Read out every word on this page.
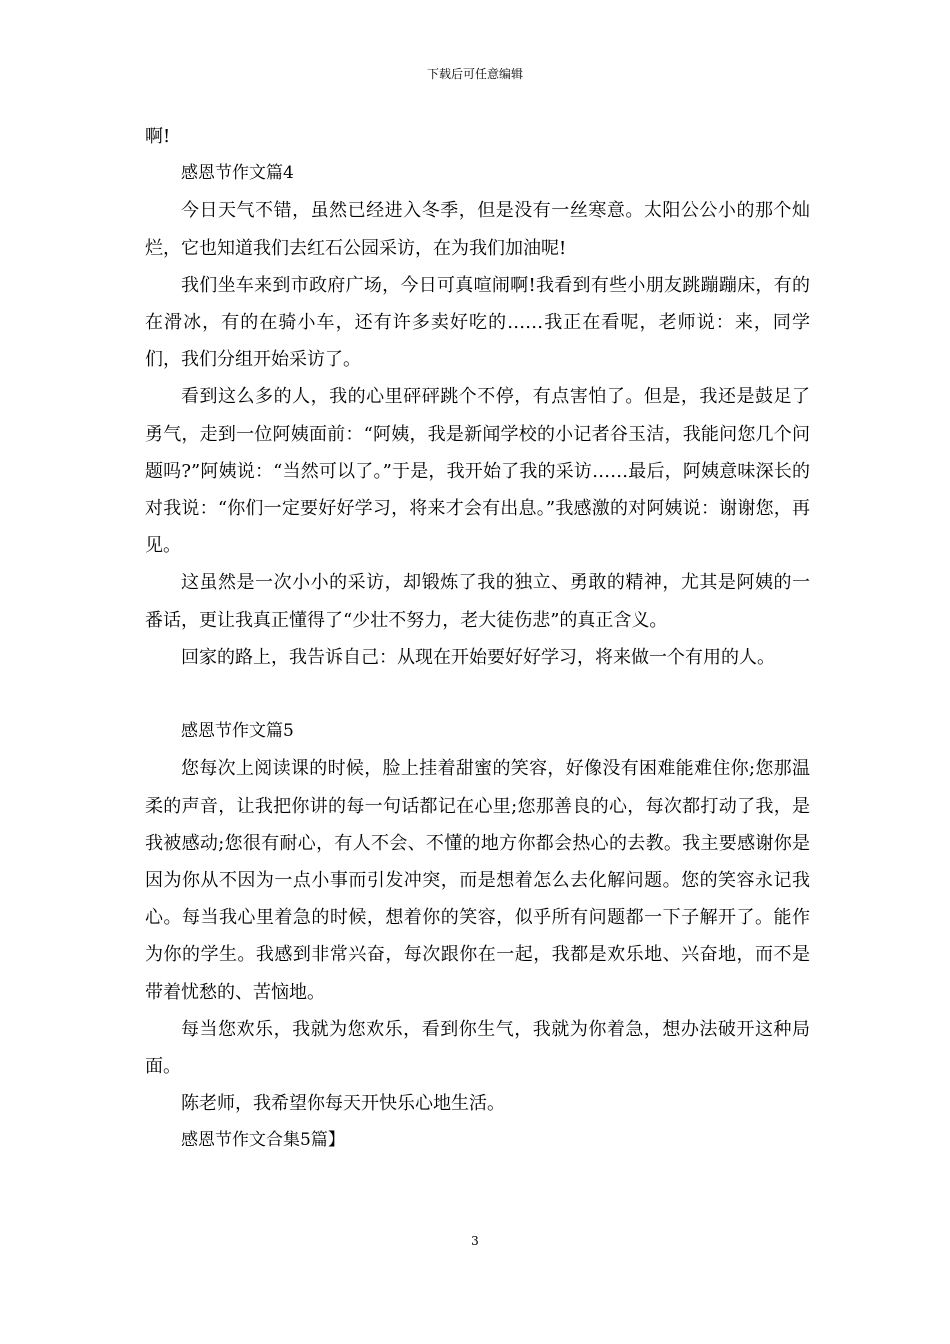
下载后可任意编辑

啊!

感恩节作文篇4

今日天气不错，虽然已经进入冬季，但是没有一丝寒意。太阳公公小的那个灿烂，它也知道我们去红石公园采访，在为我们加油呢!

我们坐车来到市政府广场，今日可真喧闹啊!我看到有些小朋友跳蹦蹦床，有的在滑冰，有的在骑小车，还有许多卖好吃的……我正在看呢，老师说：来，同学们，我们分组开始采访了。

看到这么多的人，我的心里砰砰跳个不停，有点害怕了。但是，我还是鼓足了勇气，走到一位阿姨面前：“阿姨，我是新闻学校的小记者谷玉洁，我能问您几个问题吗?”阿姨说：“当然可以了。”于是，我开始了我的采访……最后，阿姨意味深长的对我说：“你们一定要好好学习，将来才会有出息。”我感激的对阿姨说：谢谢您，再见。

这虽然是一次小小的采访，却锻炼了我的独立、勇敢的精神，尤其是阿姨的一番话，更让我真正懂得了“少壮不努力，老大徒伤悲”的真正含义。

回家的路上，我告诉自己：从现在开始要好好学习，将来做一个有用的人。

感恩节作文篇5

您每次上阅读课的时候，脸上挂着甜蜜的笑容，好像没有困难能难住你;您那温柔的声音，让我把你讲的每一句话都记在心里;您那善良的心，每次都打动了我，是我被感动;您很有耐心，有人不会、不懂的地方你都会热心的去教。我主要感谢你是因为你从不因为一点小事而引发冲突，而是想着怎么去化解问题。您的笑容永记我心。每当我心里着急的时候，想着你的笑容，似乎所有问题都一下子解开了。能作为你的学生。我感到非常兴奋，每次跟你在一起，我都是欢乐地、兴奋地，而不是带着忧愁的、苦恼地。

每当您欢乐，我就为您欢乐，看到你生气，我就为你着急，想办法破开这种局面。

陈老师，我希望你每天开快乐心地生活。

感恩节作文合集5篇】

3
